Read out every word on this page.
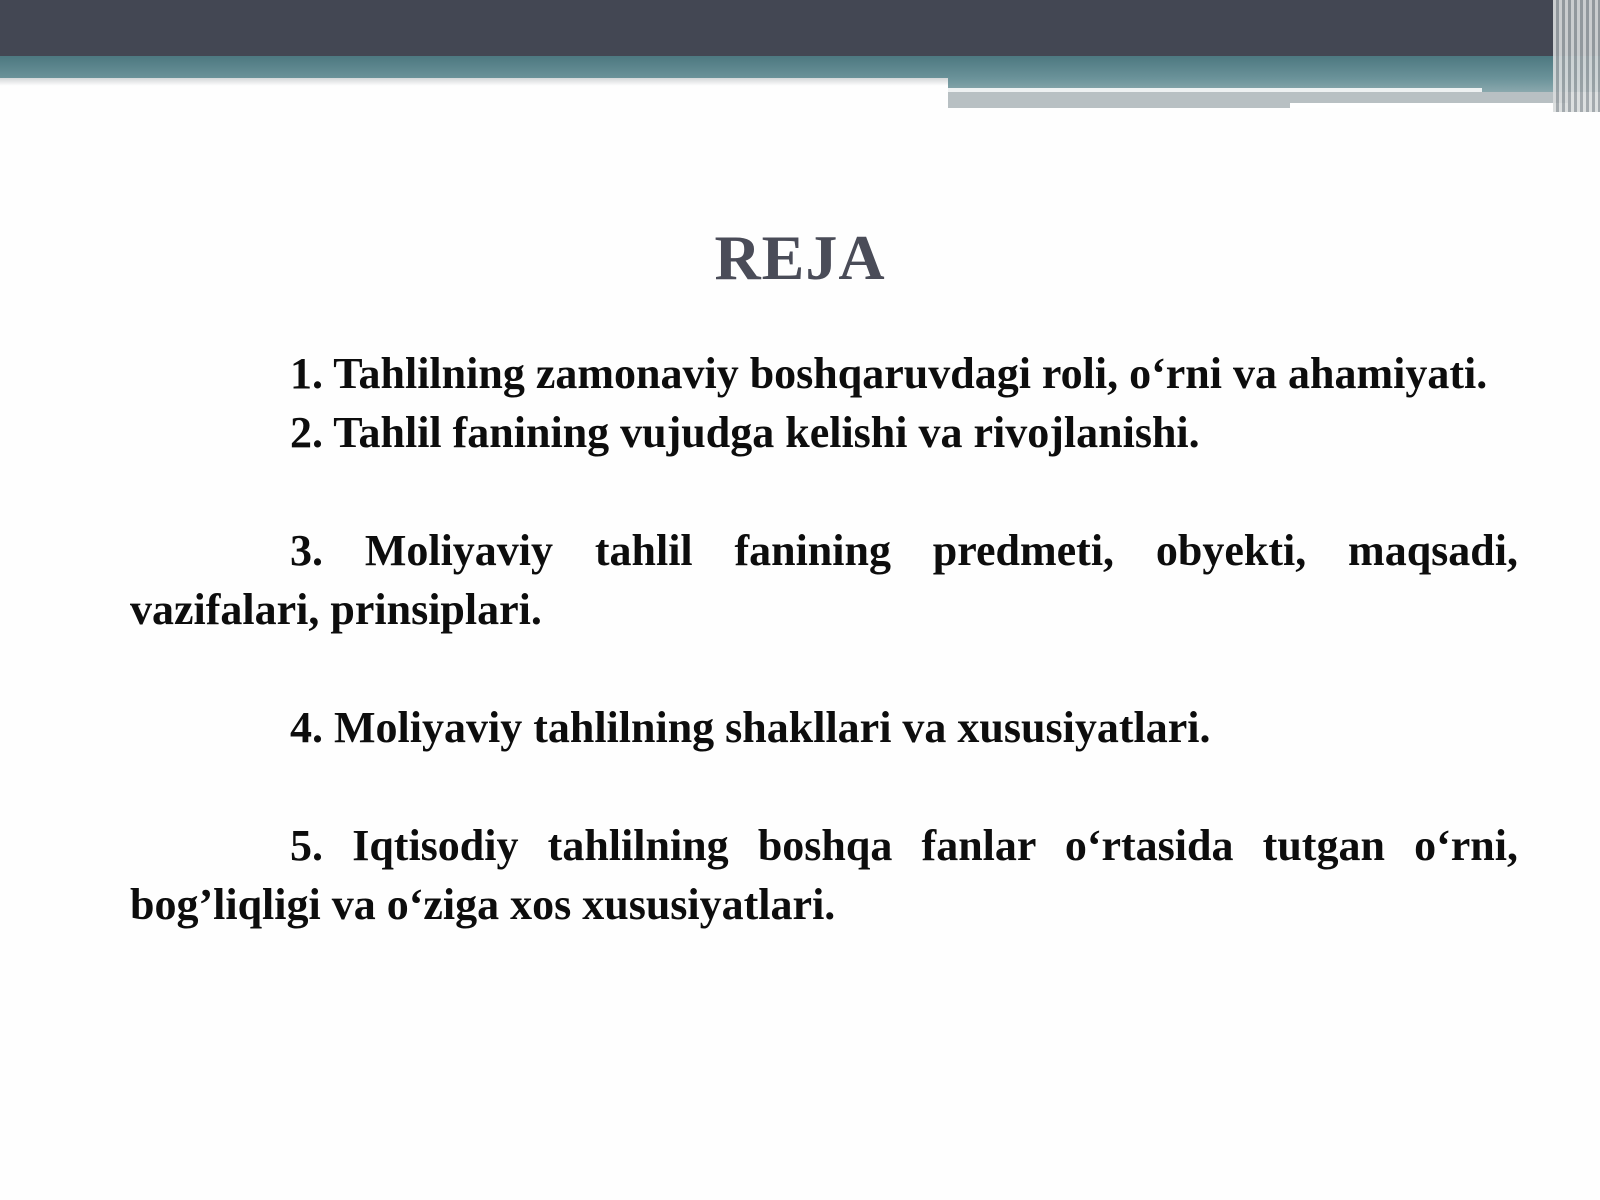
REJA

1. Tahlilning zamonaviy boshqaruvdagi roli, o‘rni va ahamiyati.

2. Tahlil fanining vujudga kelishi va rivojlanishi.

3. Moliyaviy tahlil fanining predmeti, obyekti, maqsadi, vazifalari, prinsiplari.

4. Moliyaviy tahlilning shakllari va xususiyatlari.

5. Iqtisodiy tahlilning boshqa fanlar o‘rtasida tutgan o‘rni, bog’liqligi va o‘ziga xos xususiyatlari.
